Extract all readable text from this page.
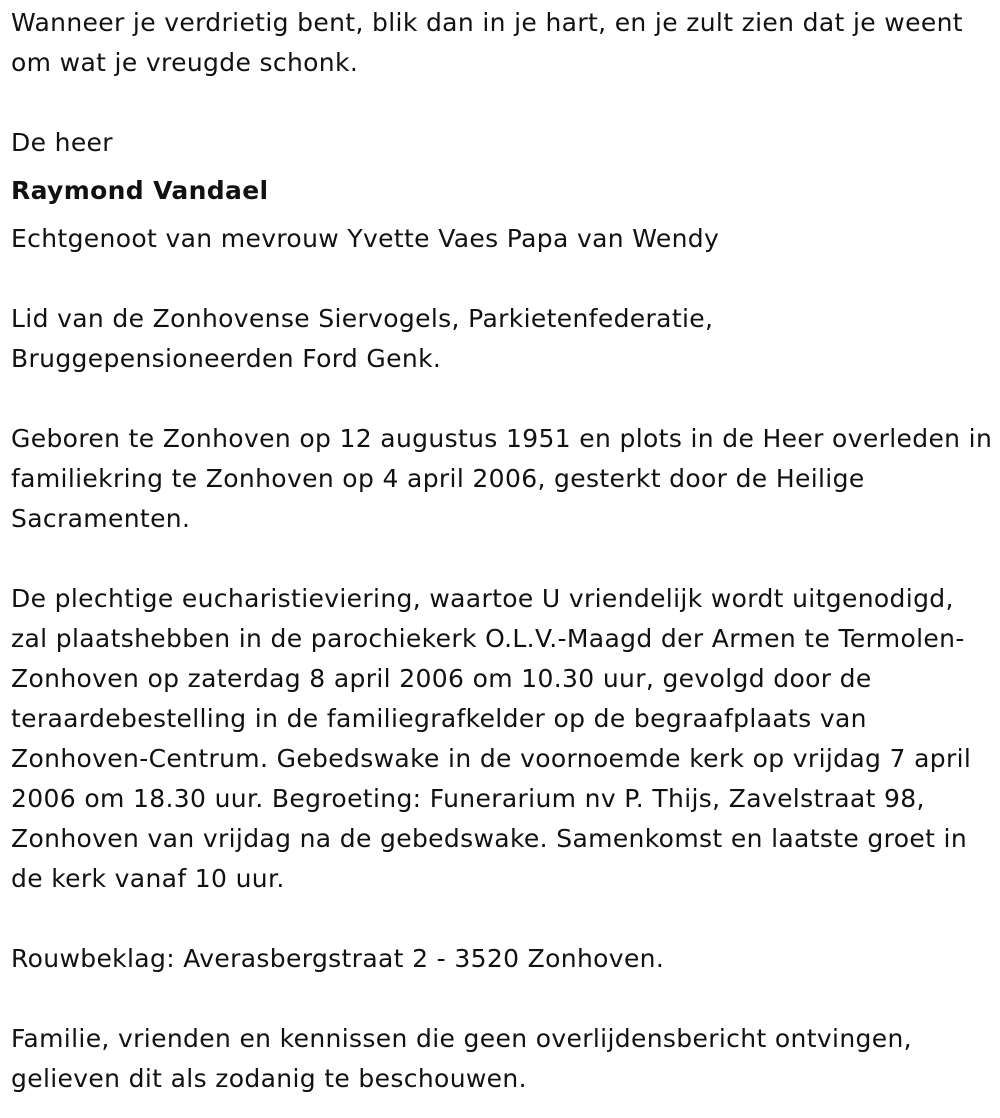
Wanneer je verdrietig bent, blik dan in je hart, en je zult zien dat je weent om wat je vreugde schonk.

De heer

Raymond Vandael

Echtgenoot van mevrouw Yvette Vaes Papa van Wendy

Lid van de Zonhovense Siervogels, Parkietenfederatie, Bruggepensioneerden Ford Genk.

Geboren te Zonhoven op 12 augustus 1951 en plots in de Heer overleden in familiekring te Zonhoven op 4 april 2006, gesterkt door de Heilige Sacramenten.

De plechtige eucharistieviering, waartoe U vriendelijk wordt uitgenodigd, zal plaatshebben in de parochiekerk O.L.V.-Maagd der Armen te Termolen-Zonhoven op zaterdag 8 april 2006 om 10.30 uur, gevolgd door de teraardebestelling in de familiegrafkelder op de begraafplaats van Zonhoven-Centrum. Gebedswake in de voornoemde kerk op vrijdag 7 april 2006 om 18.30 uur. Begroeting: Funerarium nv P. Thijs, Zavelstraat 98, Zonhoven van vrijdag na de gebedswake. Samenkomst en laatste groet in de kerk vanaf 10 uur.

Rouwbeklag: Averasbergstraat 2 - 3520 Zonhoven.

Familie, vrienden en kennissen die geen overlijdensbericht ontvingen, gelieven dit als zodanig te beschouwen.
